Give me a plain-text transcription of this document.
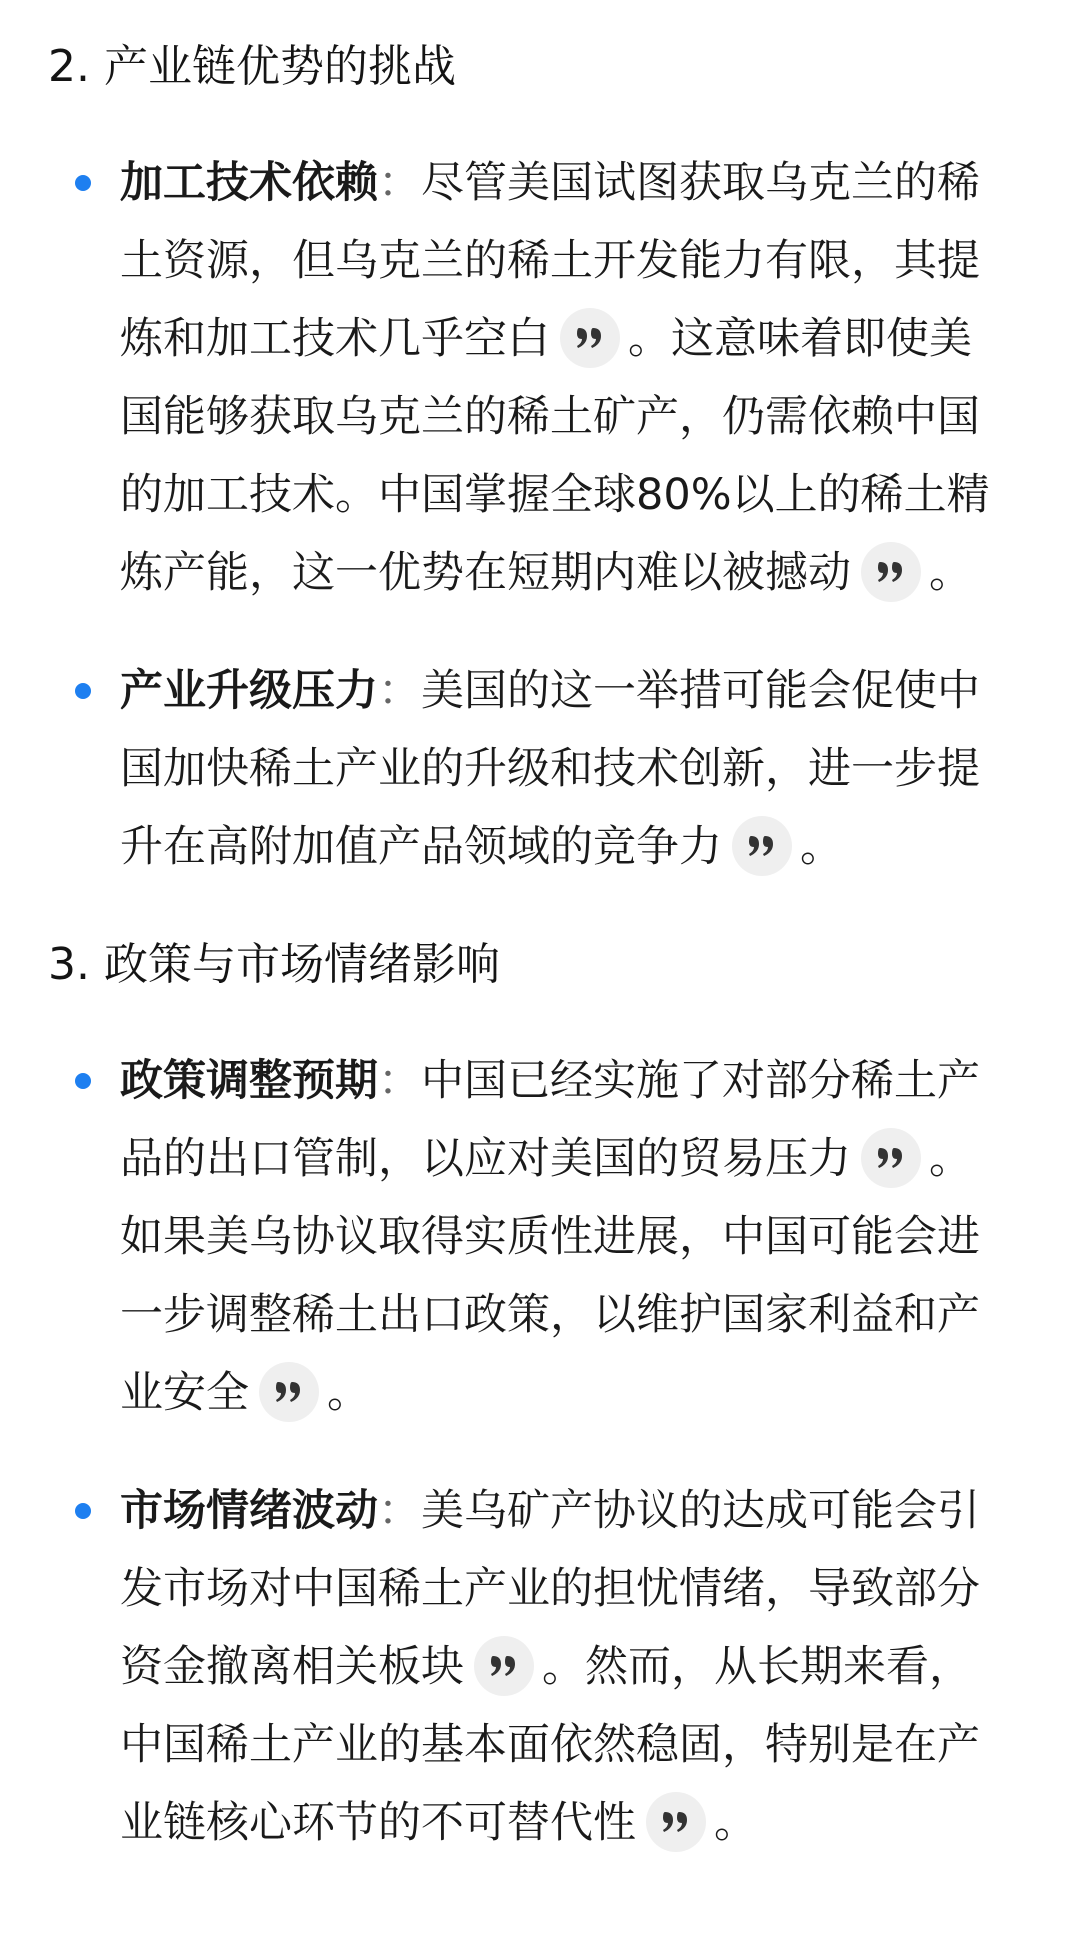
2. 产业链优势的挑战
加工技术依赖：尽管美国试图获取乌克兰的稀土资源，但乌克兰的稀土开发能力有限，其提炼和加工技术几乎空白 。这意味着即使美国能够获取乌克兰的稀土矿产，仍需依赖中国的加工技术。中国掌握全球80%以上的稀土精炼产能，这一优势在短期内难以被撼动 。
产业升级压力：美国的这一举措可能会促使中国加快稀土产业的升级和技术创新，进一步提升在高附加值产品领域的竞争力 。
3. 政策与市场情绪影响
政策调整预期：中国已经实施了对部分稀土产品的出口管制，以应对美国的贸易压力 。如果美乌协议取得实质性进展，中国可能会进一步调整稀土出口政策，以维护国家利益和产业安全 。
市场情绪波动：美乌矿产协议的达成可能会引发市场对中国稀土产业的担忧情绪，导致部分资金撤离相关板块 。然而，从长期来看，中国稀土产业的基本面依然稳固，特别是在产业链核心环节的不可替代性 。
